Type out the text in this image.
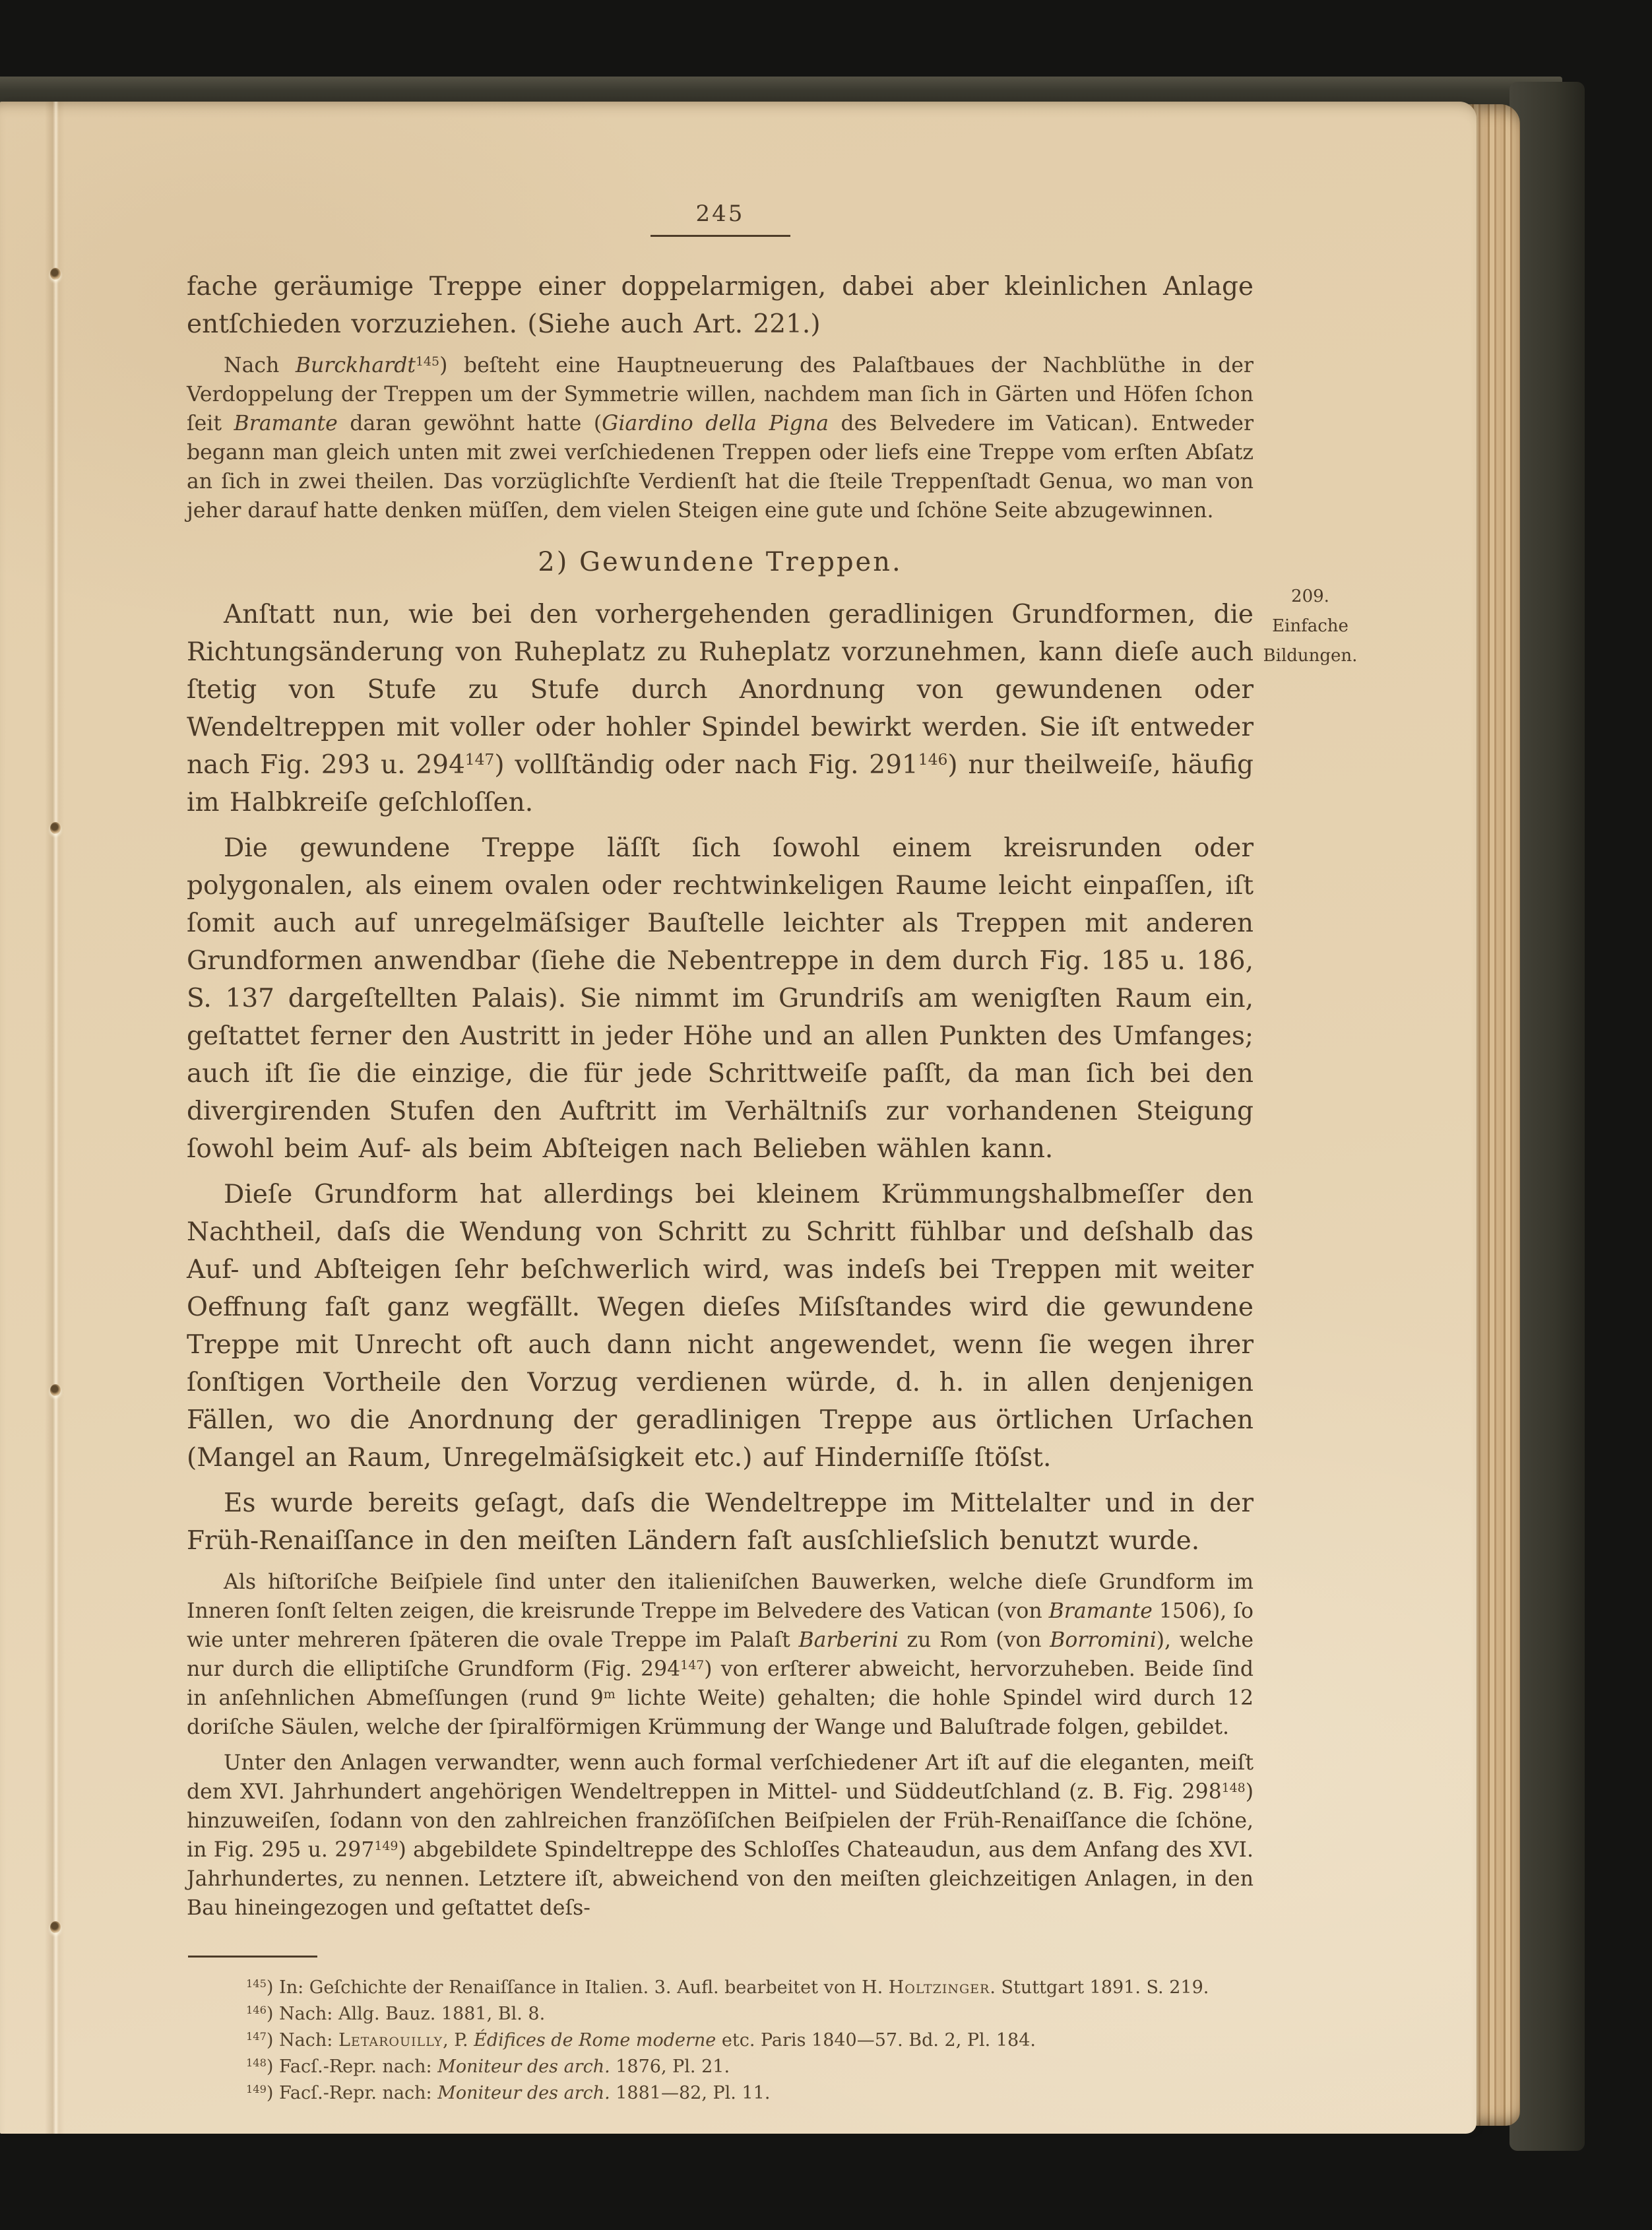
245
209.
Einfache
Bildungen.

fache geräumige Treppe einer doppelarmigen, dabei aber kleinlichen Anlage entſchieden vorzuziehen. (Siehe auch Art. 221.)

Nach Burckhardt$^{145}$) beſteht eine Hauptneuerung des Palaſtbaues der Nachblüthe in der Verdoppelung der Treppen um der Symmetrie willen, nachdem man ſich in Gärten und Höfen ſchon ſeit Bramante daran gewöhnt hatte (Giardino della Pigna des Belvedere im Vatican). Entweder begann man gleich unten mit zwei verſchiedenen Treppen oder liefs eine Treppe vom erſten Abſatz an ſich in zwei theilen. Das vorzüglichſte Verdienſt hat die ſteile Treppenſtadt Genua, wo man von jeher darauf hatte denken müſſen, dem vielen Steigen eine gute und ſchöne Seite abzugewinnen.

2) Gewundene Treppen.

Anſtatt nun, wie bei den vorhergehenden geradlinigen Grundformen, die Richtungsänderung von Ruheplatz zu Ruheplatz vorzunehmen, kann dieſe auch ſtetig von Stufe zu Stufe durch Anordnung von gewundenen oder Wendeltreppen mit voller oder hohler Spindel bewirkt werden. Sie iſt entweder nach Fig. 293 u. $294^{147}$) vollſtändig oder nach Fig. $291^{146}$) nur theilweiſe, häufig im Halbkreiſe geſchloſſen.

Die gewundene Treppe läſſt ſich ſowohl einem kreisrunden oder polygonalen, als einem ovalen oder rechtwinkeligen Raume leicht einpaſſen, iſt ſomit auch auf unregelmäſsiger Bauſtelle leichter als Treppen mit anderen Grundformen anwendbar (ſiehe die Nebentreppe in dem durch Fig. 185 u. 186, S. 137 dargeſtellten Palais). Sie nimmt im Grundriſs am wenigſten Raum ein, geſtattet ferner den Austritt in jeder Höhe und an allen Punkten des Umfanges; auch iſt ſie die einzige, die für jede Schrittweiſe paſſt, da man ſich bei den divergirenden Stufen den Auftritt im Verhältniſs zur vorhandenen Steigung ſowohl beim Auf- als beim Abſteigen nach Belieben wählen kann.

Dieſe Grundform hat allerdings bei kleinem Krümmungshalbmeſſer den Nachtheil, daſs die Wendung von Schritt zu Schritt fühlbar und deſshalb das Auf- und Abſteigen ſehr beſchwerlich wird, was indeſs bei Treppen mit weiter Oeffnung faſt ganz wegfällt. Wegen dieſes Miſsſtandes wird die gewundene Treppe mit Unrecht oft auch dann nicht angewendet, wenn ſie wegen ihrer ſonſtigen Vortheile den Vorzug verdienen würde, d. h. in allen denjenigen Fällen, wo die Anordnung der geradlinigen Treppe aus örtlichen Urſachen (Mangel an Raum, Unregelmäſsigkeit etc.) auf Hinderniſſe ſtöſst.

Es wurde bereits geſagt, daſs die Wendeltreppe im Mittelalter und in der Früh-Renaiſſance in den meiſten Ländern faſt ausſchlieſslich benutzt wurde.

Als hiſtoriſche Beiſpiele ſind unter den italieniſchen Bauwerken, welche dieſe Grundform im Inneren ſonſt ſelten zeigen, die kreisrunde Treppe im Belvedere des Vatican (von Bramante 1506), ſo wie unter mehreren ſpäteren die ovale Treppe im Palaſt Barberini zu Rom (von Borromini), welche nur durch die elliptiſche Grundform (Fig. $294^{147}$) von erſterer abweicht, hervorzuheben. Beide ſind in anſehnlichen Abmeſſungen (rund 9$^m$ lichte Weite) gehalten; die hohle Spindel wird durch 12 doriſche Säulen, welche der ſpiralförmigen Krümmung der Wange und Baluſtrade folgen, gebildet.

Unter den Anlagen verwandter, wenn auch formal verſchiedener Art iſt auf die eleganten, meiſt dem XVI. Jahrhundert angehörigen Wendeltreppen in Mittel- und Süddeutſchland (z. B. Fig. $298^{148}$) hinzuweiſen, ſodann von den zahlreichen franzöſiſchen Beiſpielen der Früh-Renaiſſance die ſchöne, in Fig. 295 u. $297^{149}$) abgebildete Spindeltreppe des Schloſſes Chateaudun, aus dem Anfang des XVI. Jahrhundertes, zu nennen. Letztere iſt, abweichend von den meiſten gleichzeitigen Anlagen, in den Bau hineingezogen und geſtattet deſs-

$^{145}$) In: Geſchichte der Renaiſſance in Italien. 3. Aufl. bearbeitet von H. Holtzinger. Stuttgart 1891. S. 219.
$^{146}$) Nach: Allg. Bauz. 1881, Bl. 8.
$^{147}$) Nach: Letarouilly, P. Édifices de Rome moderne etc. Paris 1840—57. Bd. 2, Pl. 184.
$^{148}$) Facſ.-Repr. nach: Moniteur des arch. 1876, Pl. 21.
$^{149}$) Facſ.-Repr. nach: Moniteur des arch. 1881—82, Pl. 11.
